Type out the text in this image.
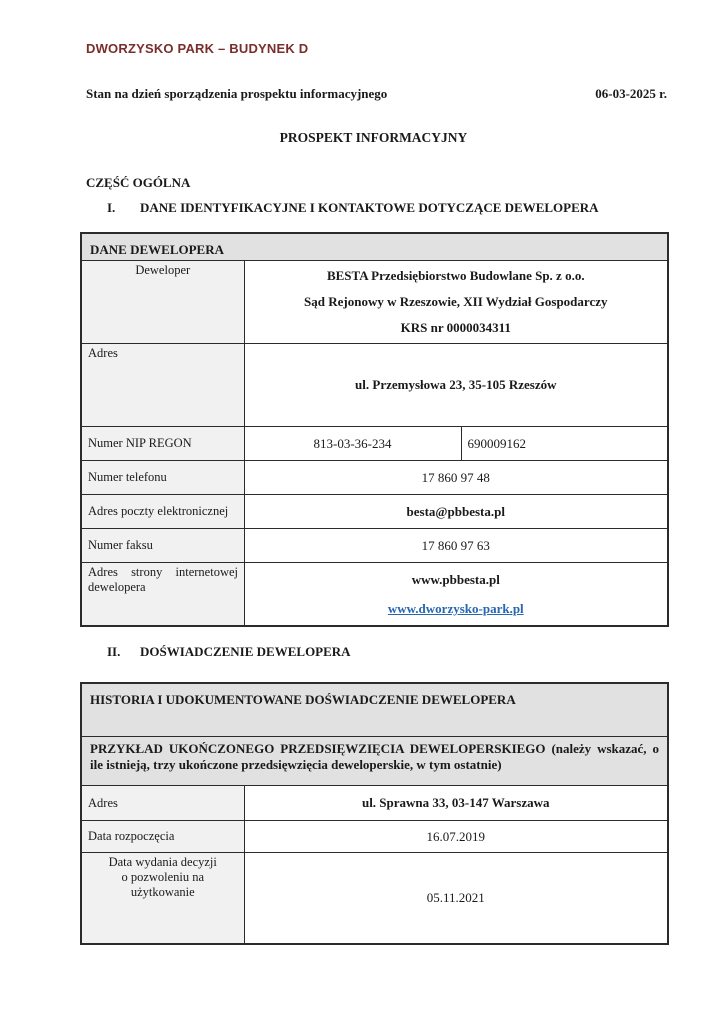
DWORZYSKO PARK – BUDYNEK D
Stan na dzień sporządzenia prospektu informacyjnego	06-03-2025 r.
PROSPEKT INFORMACYJNY
CZĘŚĆ OGÓLNA
I.	DANE IDENTYFIKACYJNE I KONTAKTOWE DOTYCZĄCE DEWELOPERA
DANE DEWELOPERA		
Deweloper	BESTA Przedsiębiorstwo Budowlane Sp. z o.o.
Sąd Rejonowy w Rzeszowie, XII Wydział Gospodarczy
KRS nr 0000034311	

Adres	ul. Przemysłowa 23, 35-105 Rzeszów	
Numer NIP REGON	813-03-36-234	690009162
Numer telefonu	17 860 97 48	
Adres poczty elektronicznej	besta@pbbesta.pl	
Numer faksu	17 860 97 63	

Adres strony internetowej
dewelopera	www.pbbesta.pl
www.dworzysko-park.pl
II.	DOŚWIADCZENIE DEWELOPERA
HISTORIA I UDOKUMENTOWANE DOŚWIADCZENIE DEWELOPERA	
PRZYKŁAD UKOŃCZONEGO PRZEDSIĘWZIĘCIA DEWELOPERSKIEGO (należy wskazać, o ile istnieją, trzy ukończone przedsięwzięcia deweloperskie, w tym ostatnie)	
Adres	ul. Sprawna 33, 03-147 Warszawa
Data rozpoczęcia	16.07.2019

Data wydania decyzji
o pozwoleniu na użytkowanie	05.11.2021
